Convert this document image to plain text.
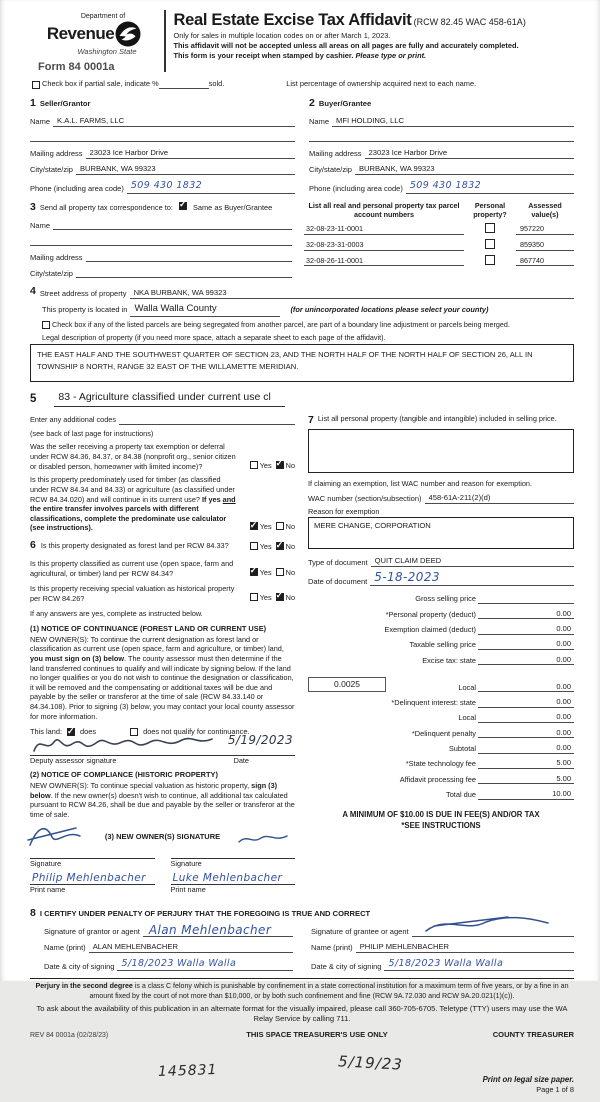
Department of
Revenue
Washington State
Form 84 0001a
Real Estate Excise Tax Affidavit (RCW 82.45 WAC 458-61A)
Only for sales in multiple location codes on or after March 1, 2023.
This affidavit will not be accepted unless all areas on all pages are fully and accurately completed.
This form is your receipt when stamped by cashier. Please type or print.
Check box if partial sale, indicate %	sold.	List percentage of ownership acquired next to each name.
1 Seller/Grantor
Name K.A.L. FARMS, LLC
Mailing address 23023 Ice Harbor Drive
City/state/zip BURBANK, WA 99323
Phone (including area code) 509 430 1832
2 Buyer/Grantee
Name MFI HOLDING, LLC
Mailing address 23023 Ice Harbor Drive
City/state/zip BURBANK, WA 99323
Phone (including area code) 509 430 1832
3 Send all property tax correspondence to: ✓	Same as Buyer/Grantee
Name
Mailing address
City/state/zip
List all real and personal property tax parcel account numbers
Personal property?
Assessed value(s)
32-08-23-11-0001	957220
32-08-23-31-0003	859350
32-08-26-11-0001	867740
4 Street address of property NKA BURBANK, WA 99323
This property is located in Walla Walla County	(for unincorporated locations please select your county)
Check box if any of the listed parcels are being segregated from another parcel, are part of a boundary line adjustment or parcels being merged.
Legal description of property (if you need more space, attach a separate sheet to each page of the affidavit).
THE EAST HALF AND THE SOUTHWEST QUARTER OF SECTION 23, AND THE NORTH HALF OF THE NORTH HALF OF SECTION 26, ALL IN TOWNSHIP 8 NORTH, RANGE 32 EAST OF THE WILLAMETTE MERIDIAN.
5	83 - Agriculture classified under current use cl
Enter any additional codes

(see back of last page for instructions)

Was the seller receiving a property tax exemption or deferral under RCW 84.36, 84.37, or 84.38 (nonprofit org., senior citizen or disabled person, homeowner with limited income)?	Yes ✓ No
Is this property predominately used for timber (as classified under RCW 84.34 and 84.33) or agriculture (as classified under RCW 84.34.020) and will continue in its current use? If yes and the entire transfer involves parcels with different classifications, complete the predominate use calculator (see instructions). ✓	Yes No
6 Is this property designated as forest land per RCW 84.33?	Yes ✓ No
Is this property classified as current use (open space, farm and agricultural, or timber) land per RCW 84.34? ✓	Yes No
Is this property receiving special valuation as historical property per RCW 84.26?	Yes ✓ No

If any answers are yes, complete as instructed below.

(1) NOTICE OF CONTINUANCE (FOREST LAND OR CURRENT USE)

NEW OWNER(S): To continue the current designation as forest land or classification as current use (open space, farm and agriculture, or timber) land, you must sign on (3) below. The county assessor must then determine if the land transferred continues to qualify and will indicate by signing below. If the land no longer qualifies or you do not wish to continue the designation or classification, it will be removed and the compensating or additional taxes will be due and payable by the seller or transferor at the time of sale (RCW 84.33.140 or 84.34.108). Prior to signing (3) below, you may contact your local county assessor for more information.

This land: ✓ does	does not qualify for continuance.
5/19/2023
Deputy assessor signature	Date
(2) NOTICE OF COMPLIANCE (HISTORIC PROPERTY)

NEW OWNER(S): To continue special valuation as historic property, sign (3) below. If the new owner(s) doesn't wish to continue, all additional tax calculated pursuant to RCW 84.26, shall be due and payable by the seller or transferor at the time of sale.

(3) NEW OWNER(S) SIGNATURE
Signature
Philip Mehlenbacher
Print name
Signature
Luke Mehlenbacher
Print name
7 List all personal property (tangible and intangible) included in selling price.

If claiming an exemption, list WAC number and reason for exemption.

WAC number (section/subsection) 458-61A-211(2)(d)
Reason for exemption
MERE CHANGE, CORPORATION
Type of document QUIT CLAIM DEED
Date of document 5-18-2023
Gross selling price
*Personal property (deduct)	0.00
Exemption claimed (deduct)	0.00
Taxable selling price	0.00
Excise tax: state	0.00
0.0025	Local	0.00
*Delinquent interest: state	0.00
Local	0.00
*Delinquent penalty	0.00
Subtotal	0.00
*State technology fee	5.00
Affidavit processing fee	5.00
Total due	10.00
A MINIMUM OF $10.00 IS DUE IN FEE(S) AND/OR TAX
*SEE INSTRUCTIONS
8 I CERTIFY UNDER PENALTY OF PERJURY THAT THE FOREGOING IS TRUE AND CORRECT
Signature of grantor or agent Alan Mehlenbacher
Name (print) ALAN MEHLENBACHER
Date & city of signing 5/18/2023 Walla Walla
Signature of grantee or agent
Name (print) PHILIP MEHLENBACHER
Date & city of signing 5/18/2023 Walla Walla

Perjury in the second degree is a class C felony which is punishable by confinement in a state correctional institution for a maximum term of five years, or by a fine in an amount fixed by the court of not more than $10,000, or by both such confinement and fine (RCW 9A.72.030 and RCW 9A.20.021(1)(c)).

To ask about the availability of this publication in an alternate format for the visually impaired, please call 360-705-6705. Teletype (TTY) users may use the WA Relay Service by calling 711.

REV 84 0001a (02/28/23)	THIS SPACE TREASURER'S USE ONLY	COUNTY TREASURER
145831	5/19/23
Print on legal size paper.
Page 1 of 8
